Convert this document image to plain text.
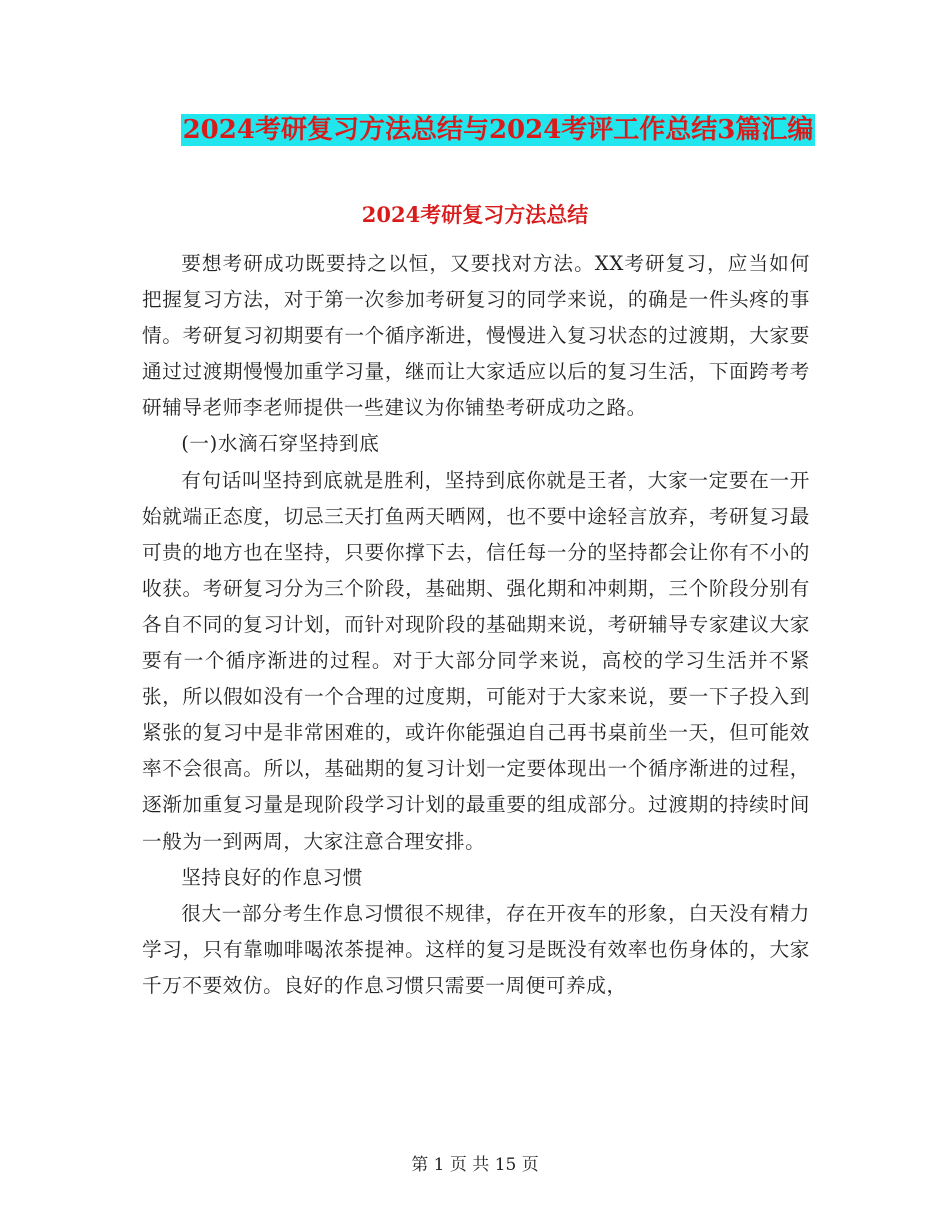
2024考研复习方法总结与2024考评工作总结3篇汇编
2024考研复习方法总结

要想考研成功既要持之以恒，又要找对方法。XX考研复习，应当如何把握复习方法，对于第一次参加考研复习的同学来说，的确是一件头疼的事情。考研复习初期要有一个循序渐进，慢慢进入复习状态的过渡期，大家要通过过渡期慢慢加重学习量，继而让大家适应以后的复习生活，下面跨考考研辅导老师李老师提供一些建议为你铺垫考研成功之路。

(一)水滴石穿坚持到底

有句话叫坚持到底就是胜利，坚持到底你就是王者，大家一定要在一开始就端正态度，切忌三天打鱼两天晒网，也不要中途轻言放弃，考研复习最可贵的地方也在坚持，只要你撑下去，信任每一分的坚持都会让你有不小的收获。考研复习分为三个阶段，基础期、强化期和冲刺期，三个阶段分别有各自不同的复习计划，而针对现阶段的基础期来说，考研辅导专家建议大家要有一个循序渐进的过程。对于大部分同学来说，高校的学习生活并不紧张，所以假如没有一个合理的过度期，可能对于大家来说，要一下子投入到紧张的复习中是非常困难的，或许你能强迫自己再书桌前坐一天，但可能效率不会很高。所以，基础期的复习计划一定要体现出一个循序渐进的过程，逐渐加重复习量是现阶段学习计划的最重要的组成部分。过渡期的持续时间一般为一到两周，大家注意合理安排。

坚持良好的作息习惯

很大一部分考生作息习惯很不规律，存在开夜车的形象，白天没有精力学习，只有靠咖啡喝浓茶提神。这样的复习是既没有效率也伤身体的，大家千万不要效仿。良好的作息习惯只需要一周便可养成，

第 1 页 共 15 页
